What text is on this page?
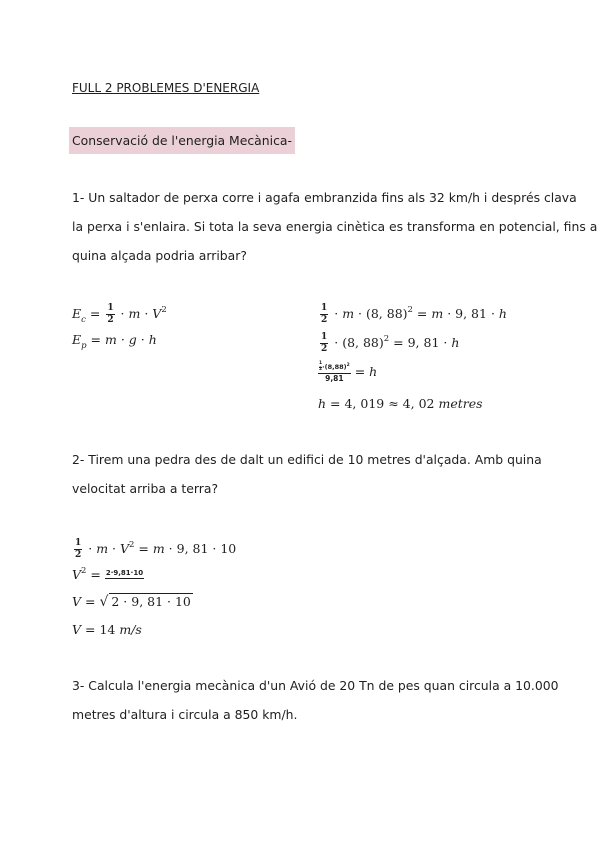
FULL 2 PROBLEMES D'ENERGIA
Conservació de l'energia Mecànica-
1- Un saltador de perxa corre i agafa embranzida fins als 32 km/h i després clava
la perxa i s'enlaira. Si tota la seva energia cinètica es transforma en potencial, fins a
quina alçada podria arribar?
$E_c = \frac{1}{2} \cdot m \cdot V^2$
$E_p = m \cdot g \cdot h$
$\frac{1}{2} \cdot m \cdot (8$, 88)$^2$ = m · 9, 81 · h
$\frac{1}{2} \cdot (8$, 88)$^2$ = 9, 81 · h
$\frac{\frac{1}{2} \cdot(8,88)^2}{9,81} = h$
h = 4, 019 ≈ 4, 02 metres
2- Tirem una pedra des de dalt un edifici de 10 metres d'alçada. Amb quina
velocitat arriba a terra?
$\frac{1}{2} \cdot m \cdot V^2 = m \cdot 9$, 81 · 10
$V^2 = 2\cdot 9,81\cdot 10$
V = √ 2 · 9, 81 · 10
V = 14 m/s
3- Calcula l'energia mecànica d'un Avió de 20 Tn de pes quan circula a 10.000
metres d'altura i circula a 850 km/h.
